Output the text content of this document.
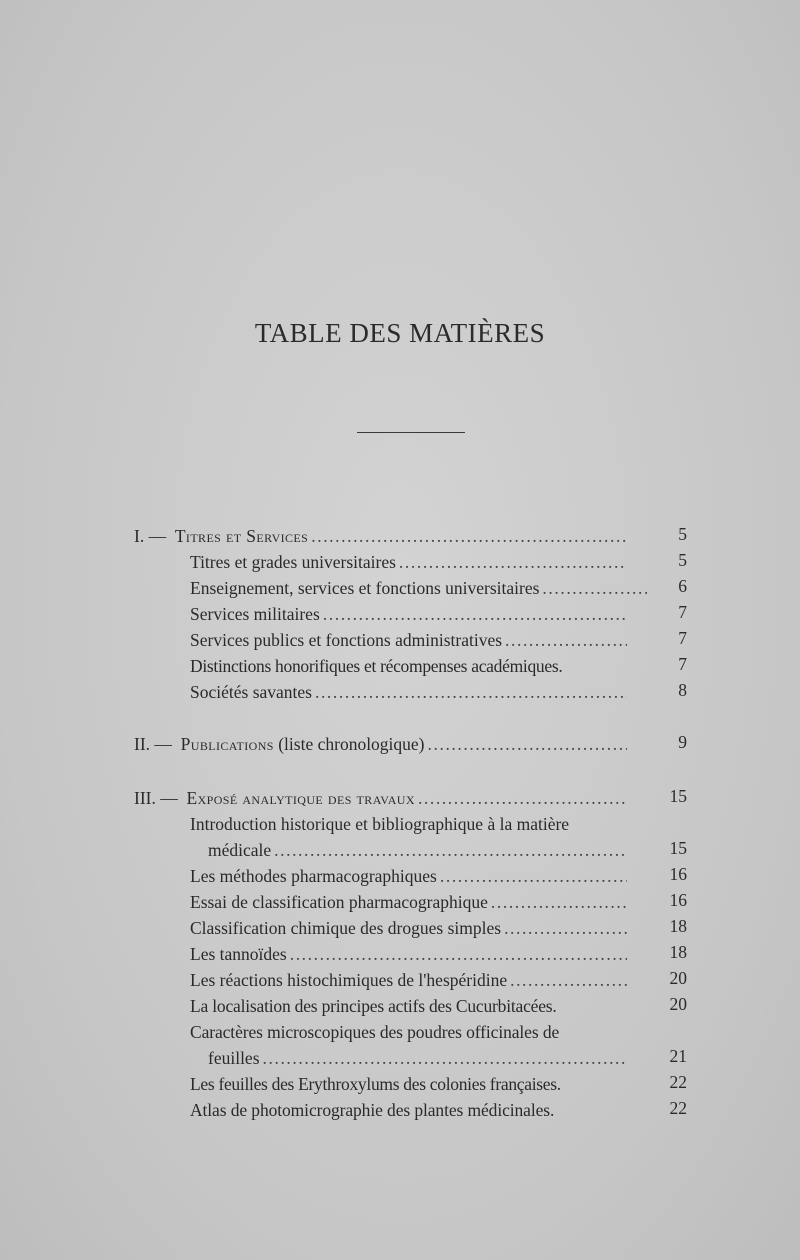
TABLE DES MATIÈRES
I. — Titres et Services .....	5
Titres et grades universitaires .....	5
Enseignement, services et fonctions universitaires .....	6
Services militaires .....	7
Services publics et fonctions administratives .....	7
Distinctions honorifiques et récompenses académiques.	7
Sociétés savantes .....	8
II. — Publications (liste chronologique) .....	9
III. — Exposé analytique des travaux .....	15
Introduction historique et bibliographique à la matière
médicale .....	15
Les méthodes pharmacographiques .....	16
Essai de classification pharmacographique .....	16
Classification chimique des drogues simples .....	18
Les tannoïdes .....	18
Les réactions histochimiques de l'hespéridine .....	20
La localisation des principes actifs des Cucurbitacées.	20
Caractères microscopiques des poudres officinales de
feuilles .....	21
Les feuilles des Erythroxylums des colonies françaises.	22
Atlas de photomicrographie des plantes médicinales.	22
